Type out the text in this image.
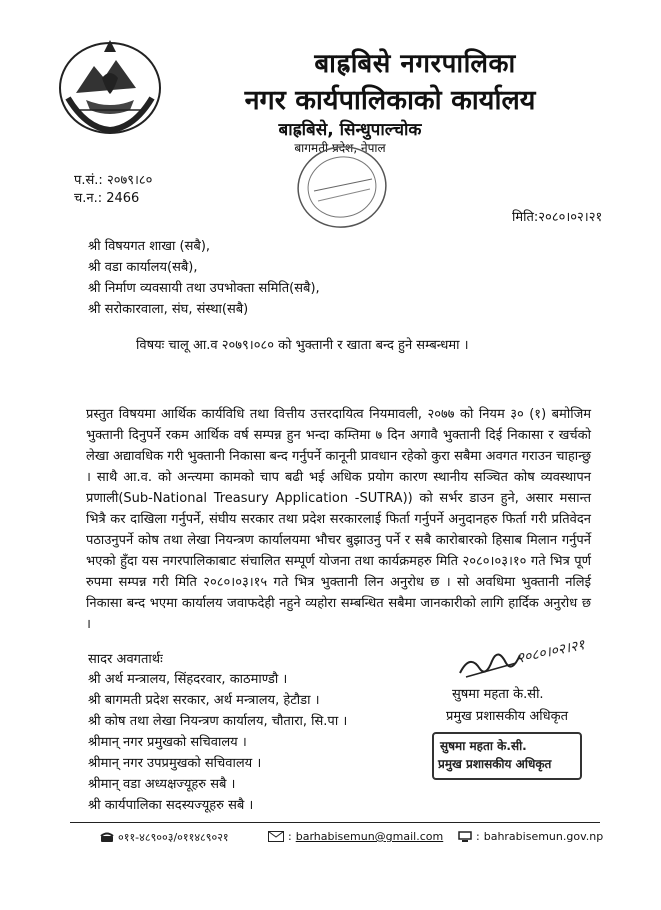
बाह्रबिसे नगरपालिका
नगर कार्यपालिकाको कार्यालय
बाह्रबिसे, सिन्धुपाल्चोक
बागमती प्रदेश, नेपाल
प.सं.: २०७९।८०
च.न.: 2466
मिति:२०८०।०२।२१
श्री विषयगत शाखा (सबै),
श्री वडा कार्यालय(सबै),
श्री निर्माण व्यवसायी तथा उपभोक्ता समिति(सबै),
श्री सरोकारवाला, संघ, संस्था(सबै)
विषयः चालू आ.व २०७९।०८० को भुक्तानी र खाता बन्द हुने सम्बन्धमा ।
प्रस्तुत विषयमा आर्थिक कार्यविधि तथा वित्तीय उत्तरदायित्व नियमावली, २०७७ को नियम ३० (१) बमोजिम भुक्तानी दिनुपर्ने रकम आर्थिक वर्ष सम्पन्न हुन भन्दा कम्तिमा ७ दिन अगावै भुक्तानी दिई निकासा र खर्चको लेखा अद्यावधिक गरी भुक्तानी निकासा बन्द गर्नुपर्ने कानूनी प्रावधान रहेको कुरा सबैमा अवगत गराउन चाहान्छु । साथै आ.व. को अन्त्यमा कामको चाप बढी भई अधिक प्रयोग कारण स्थानीय सञ्चित कोष व्यवस्थापन प्रणाली(Sub-National Treasury Application -SUTRA)) को सर्भर डाउन हुने, असार मसान्त भित्रै कर दाखिला गर्नुपर्ने, संघीय सरकार तथा प्रदेश सरकारलाई फिर्ता गर्नुपर्ने अनुदानहरु फिर्ता गरी प्रतिवेदन पठाउनुपर्ने कोष तथा लेखा नियन्त्रण कार्यालयमा भौचर बुझाउनु पर्ने र सबै कारोबारको हिसाब मिलान गर्नुपर्ने भएको हुँदा यस नगरपालिकाबाट संचालित सम्पूर्ण योजना तथा कार्यक्रमहरु मिति २०८०।०३।१० गते भित्र पूर्ण रुपमा सम्पन्न गरी मिति २०८०।०३।१५ गते भित्र भुक्तानी लिन अनुरोध छ । सो अवधिमा भुक्तानी नलिई निकासा बन्द भएमा कार्यालय जवाफदेही नहुने व्यहोरा सम्बन्धित सबैमा जानकारीको लागि हार्दिक अनुरोध छ ।
सादर अवगतार्थः
श्री अर्थ मन्त्रालय, सिंहदरवार, काठमाण्डौ ।
श्री बागमती प्रदेश सरकार, अर्थ मन्त्रालय, हेटौडा ।
श्री कोष तथा लेखा नियन्त्रण कार्यालय, चौतारा, सि.पा ।
श्रीमान् नगर प्रमुखको सचिवालय ।
श्रीमान् नगर उपप्रमुखको सचिवालय ।
श्रीमान् वडा अध्यक्षज्यूहरु सबै ।
श्री कार्यपालिका सदस्यज्यूहरु सबै ।
२०८०।०२।२१
सुषमा महता के.सी.
प्रमुख प्रशासकीय अधिकृत
सुषमा महता के.सी.
प्रमुख प्रशासकीय अधिकृत
०११-४८९००३/०११४८९०२१	: barhabisemun@gmail.com	: bahrabisemun.gov.np
